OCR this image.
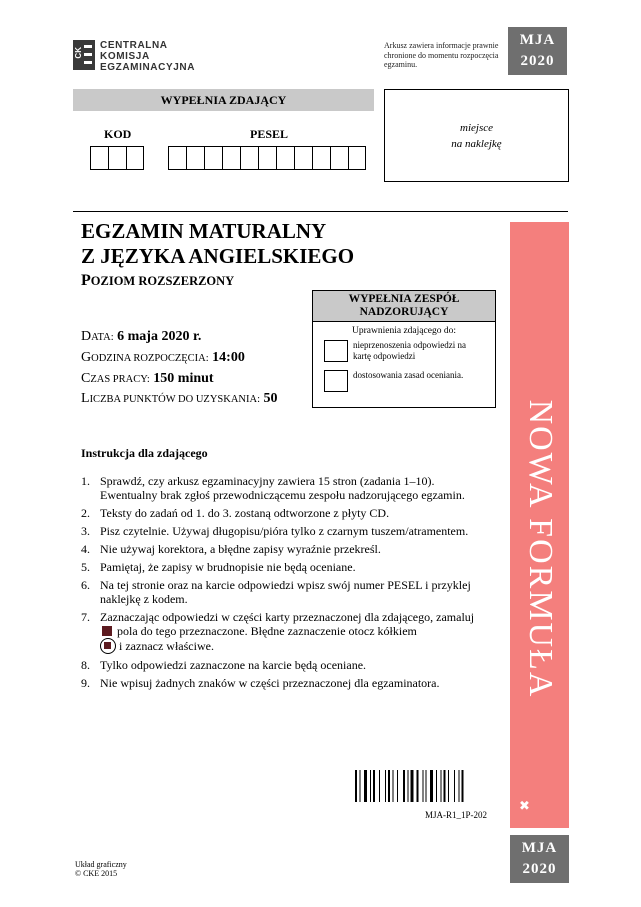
CK
CENTRALNA
KOMISJA
EGZAMINACYJNA
Arkusz zawiera informacje prawnie chronione do momentu rozpoczęcia egzaminu.
MJA
2020
WYPEŁNIA ZDAJĄCY
KOD	PESEL	miejsce
na naklejkę
EGZAMIN MATURALNY
Z JĘZYKA ANGIELSKIEGO
POZIOM ROZSZERZONY
WYPEŁNIA ZESPÓŁ
NADZORUJĄCY
Uprawnienia zdającego do:
nieprzenoszenia odpowiedzi na kartę odpowiedzi
dostosowania zasad oceniania.
DATA: 6 maja 2020 r.
GODZINA ROZPOCZĘCIA: 14:00
CZAS PRACY: 150 minut
LICZBA PUNKTÓW DO UZYSKANIA: 50
NOWA FORMUŁA
✖
Instrukcja dla zdającego
1. Sprawdź, czy arkusz egzaminacyjny zawiera 15 stron (zadania 1–10). Ewentualny brak zgłoś przewodniczącemu zespołu nadzorującego egzamin.
2. Teksty do zadań od 1. do 3. zostaną odtworzone z płyty CD.
3. Pisz czytelnie. Używaj długopisu/pióra tylko z czarnym tuszem/atramentem.
4. Nie używaj korektora, a błędne zapisy wyraźnie przekreśl.
5. Pamiętaj, że zapisy w brudnopisie nie będą oceniane.
6. Na tej stronie oraz na karcie odpowiedzi wpisz swój numer PESEL i przyklej naklejkę z kodem.
7. Zaznaczając odpowiedzi w części karty przeznaczonej dla zdającego, zamaluj  pola do tego przeznaczone. Błędne zaznaczenie otocz kółkiem
i zaznacz właściwe.
8. Tylko odpowiedzi zaznaczone na karcie będą oceniane.
9. Nie wpisuj żadnych znaków w części przeznaczonej dla egzaminatora.
MJA-R1_1P-202
MJA
2020
Układ graficzny
© CKE 2015
